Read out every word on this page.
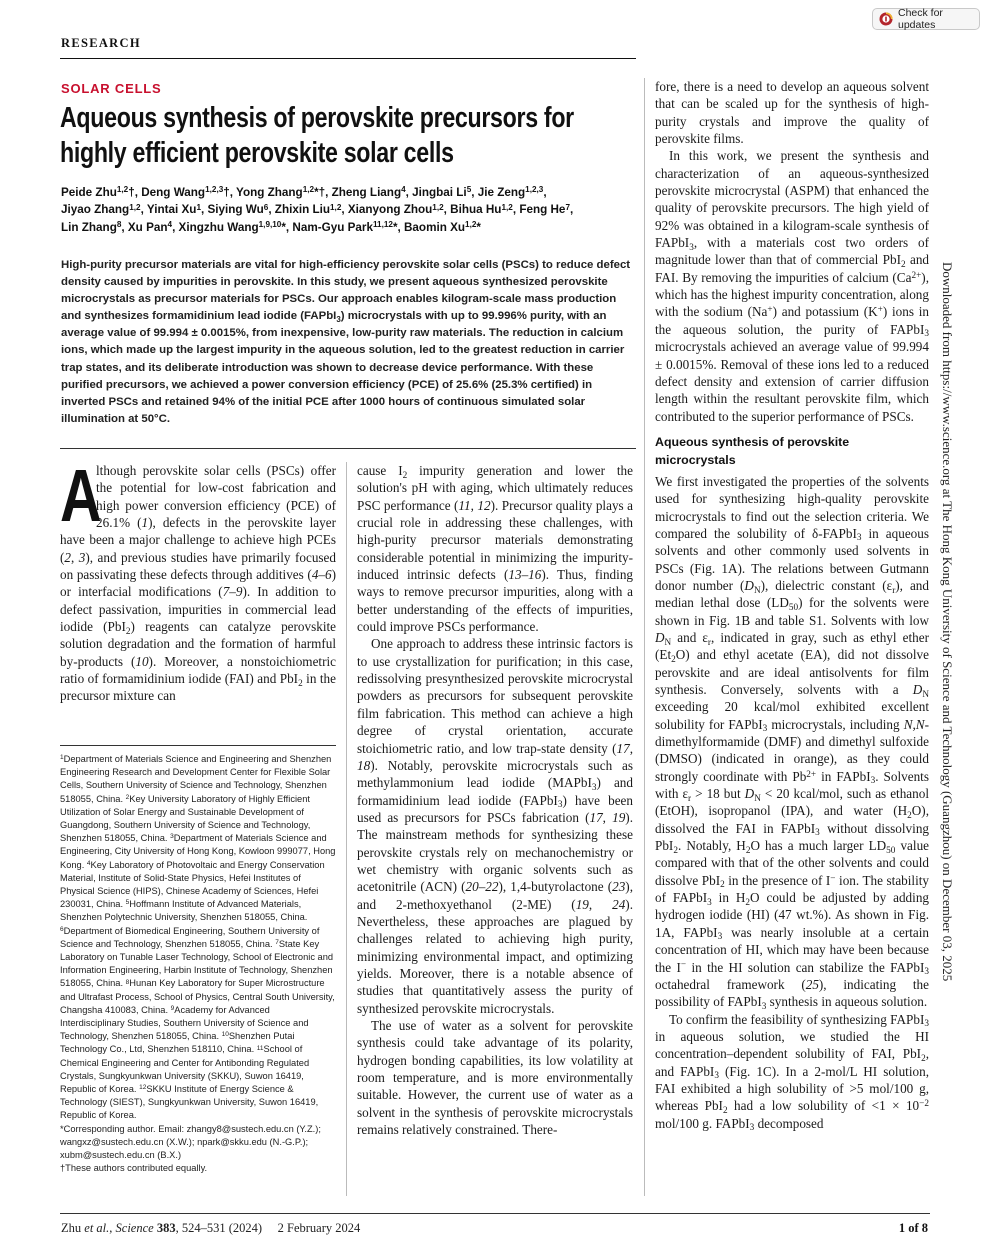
Check for updates
RESEARCH
SOLAR CELLS
Aqueous synthesis of perovskite precursors for
highly efficient perovskite solar cells
Peide Zhu$^{1,2}$†, Deng Wang$^{1,2,3}$†, Yong Zhang$^{1,2}$*†, Zheng Liang$^4$, Jingbai Li$^5$, Jie Zeng$^{1,2,3}$,
Jiyao Zhang$^{1,2}$, Yintai Xu$^1$, Siying Wu$^6$, Zhixin Liu$^{1,2}$, Xianyong Zhou$^{1,2}$, Bihua Hu$^{1,2}$, Feng He$^7$,
Lin Zhang$^8$, Xu Pan$^4$, Xingzhu Wang$^{1,9,10}$*, Nam-Gyu Park$^{11,12}$*, Baomin Xu$^{1,2}$*
High-purity precursor materials are vital for high-efficiency perovskite solar cells (PSCs) to reduce defect density caused by impurities in perovskite. In this study, we present aqueous synthesized perovskite microcrystals as precursor materials for PSCs. Our approach enables kilogram-scale mass production and synthesizes formamidinium lead iodide (FAPbI$_3$) microcrystals with up to 99.996% purity, with an average value of 99.994 ± 0.0015%, from inexpensive, low-purity raw materials. The reduction in calcium ions, which made up the largest impurity in the aqueous solution, led to the greatest reduction in carrier trap states, and its deliberate introduction was shown to decrease device performance. With these purified precursors, we achieved a power conversion efficiency (PCE) of 25.6% (25.3% certified) in inverted PSCs and retained 94% of the initial PCE after 1000 hours of continuous simulated solar illumination at 50°C.
A

lthough perovskite solar cells (PSCs) offer the potential for low-cost fabrication and high power conversion efficiency (PCE) of 26.1% (1), defects in the perovskite layer have been a major challenge to achieve high PCEs (2, 3), and previous studies have primarily focused on passivating these defects through additives (4–6) or interfacial modifications (7–9). In addition to defect passivation, impurities in commercial lead iodide (PbI$_2$) reagents can catalyze perovskite solution degradation and the formation of harmful by-products (10). Moreover, a nonstoichiometric ratio of formamidinium iodide (FAI) and PbI$_2$ in the precursor mixture can

$^1$Department of Materials Science and Engineering and Shenzhen Engineering Research and Development Center for Flexible Solar Cells, Southern University of Science and Technology, Shenzhen 518055, China. $^2$Key University Laboratory of Highly Efficient Utilization of Solar Energy and Sustainable Development of Guangdong, Southern University of Science and Technology, Shenzhen 518055, China. $^3$Department of Materials Science and Engineering, City University of Hong Kong, Kowloon 999077, Hong Kong. $^4$Key Laboratory of Photovoltaic and Energy Conservation Material, Institute of Solid-State Physics, Hefei Institutes of Physical Science (HIPS), Chinese Academy of Sciences, Hefei 230031, China. $^5$Hoffmann Institute of Advanced Materials, Shenzhen Polytechnic University, Shenzhen 518055, China. $^6$Department of Biomedical Engineering, Southern University of Science and Technology, Shenzhen 518055, China. $^7$State Key Laboratory on Tunable Laser Technology, School of Electronic and Information Engineering, Harbin Institute of Technology, Shenzhen 518055, China. $^8$Hunan Key Laboratory for Super Microstructure and Ultrafast Process, School of Physics, Central South University, Changsha 410083, China. $^9$Academy for Advanced Interdisciplinary Studies, Southern University of Science and Technology, Shenzhen 518055, China. $^{10}$Shenzhen Putai Technology Co., Ltd, Shenzhen 518110, China. $^{11}$School of Chemical Engineering and Center for Antibonding Regulated Crystals, Sungkyunkwan University (SKKU), Suwon 16419, Republic of Korea. $^{12}$SKKU Institute of Energy Science & Technology (SIEST), Sungkyunkwan University, Suwon 16419, Republic of Korea.

*Corresponding author. Email: zhangy8@sustech.edu.cn (Y.Z.); wangxz@sustech.edu.cn (X.W.); npark@skku.edu (N.-G.P.); xubm@sustech.edu.cn (B.X.)

†These authors contributed equally.

cause $I_2$ impurity generation and lower the solution's pH with aging, which ultimately reduces PSC performance (11, 12). Precursor quality plays a crucial role in addressing these challenges, with high-purity precursor materials demonstrating considerable potential in minimizing the impurity-induced intrinsic defects (13–16). Thus, finding ways to remove precursor impurities, along with a better understanding of the effects of impurities, could improve PSCs performance.

One approach to address these intrinsic factors is to use crystallization for purification; in this case, redissolving presynthesized perovskite microcrystal powders as precursors for subsequent perovskite film fabrication. This method can achieve a high degree of crystal orientation, accurate stoichiometric ratio, and low trap-state density (17, 18). Notably, perovskite microcrystals such as methylammonium lead iodide (MAPbI$_3$) and formamidinium lead iodide (FAPbI$_3$) have been used as precursors for PSCs fabrication (17, 19). The mainstream methods for synthesizing these perovskite crystals rely on mechanochemistry or wet chemistry with organic solvents such as acetonitrile (ACN) (20–22), 1,4-butyrolactone (23), and 2-methoxyethanol (2-ME) (19, 24). Nevertheless, these approaches are plagued by challenges related to achieving high purity, minimizing environmental impact, and optimizing yields. Moreover, there is a notable absence of studies that quantitatively assess the purity of synthesized perovskite microcrystals.

The use of water as a solvent for perovskite synthesis could take advantage of its polarity, hydrogen bonding capabilities, its low volatility at room temperature, and is more environmentally suitable. However, the current use of water as a solvent in the synthesis of perovskite microcrystals remains relatively constrained. There-

fore, there is a need to develop an aqueous solvent that can be scaled up for the synthesis of high-purity crystals and improve the quality of perovskite films.

In this work, we present the synthesis and characterization of an aqueous-synthesized perovskite microcrystal (ASPM) that enhanced the quality of perovskite precursors. The high yield of 92% was obtained in a kilogram-scale synthesis of FAPbI$_3$, with a materials cost two orders of magnitude lower than that of commercial PbI$_2$ and FAI. By removing the impurities of calcium $(Ca^{2+})$, which has the highest impurity concentration, along with the sodium (Na+) and potassium (K+) ions in the aqueous solution, the purity of FAPbI$_3$ microcrystals achieved an average value of 99.994 ± 0.0015%. Removal of these ions led to a reduced defect density and extension of carrier diffusion length within the resultant perovskite film, which contributed to the superior performance of PSCs.

Aqueous synthesis of perovskite microcrystals

We first investigated the properties of the solvents used for synthesizing high-quality perovskite microcrystals to find out the selection criteria. We compared the solubility of δ-FAPbI$_3$ in aqueous solvents and other commonly used solvents in PSCs (Fig. 1A). The relations between Gutmann donor number $(D_N)$, dielectric constant $(\varepsilon_r)$, and median lethal dose $(LD_{50})$ for the solvents were shown in Fig. 1B and table S1. Solvents with low $D_N$ and $\varepsilon_r$, indicated in gray, such as ethyl ether $(Et_2O)$ and ethyl acetate (EA), did not dissolve perovskite and are ideal antisolvents for film synthesis. Conversely, solvents with a $D_N$ exceeding 20 kcal/mol exhibited excellent solubility for FAPbI$_3$ microcrystals, including N,N-dimethylformamide (DMF) and dimethyl sulfoxide (DMSO) (indicated in orange), as they could strongly coordinate with $Pb^{2+}$ in FAPbI$_3$. Solvents with $\varepsilon_r > 18$ but $D_N < 20$ kcal/mol, such as ethanol (EtOH), isopropanol (IPA), and water $(H_2O)$, dissolved the FAI in FAPbI$_3$ without dissolving PbI$_2$. Notably, $H_2O$ has a much larger $LD_{50}$ value compared with that of the other solvents and could dissolve PbI$_2$ in the presence of I− ion. The stability of FAPbI$_3$ in $H_2O$ could be adjusted by adding hydrogen iodide (HI) (47 wt.%). As shown in Fig. 1A, FAPbI$_3$ was nearly insoluble at a certain concentration of HI, which may have been because the I− in the HI solution can stabilize the FAPbI$_3$ octahedral framework (25), indicating the possibility of FAPbI$_3$ synthesis in aqueous solution.

To confirm the feasibility of synthesizing FAPbI$_3$ in aqueous solution, we studied the HI concentration–dependent solubility of FAI, PbI$_2$, and FAPbI$_3$ (Fig. 1C). In a 2-mol/L HI solution, FAI exhibited a high solubility of >5 mol/100 g, whereas PbI$_2$ had a low solubility of $<1 \times 10^{-2}$ mol/100 g. FAPbI$_3$ decomposed

Downloaded from https://www.science.org at The Hong Kong University of Science and Technology (Guangzhou) on December 03, 2025
Zhu et al., Science 383, 524–531 (2024)     2 February 2024	1 of 8
